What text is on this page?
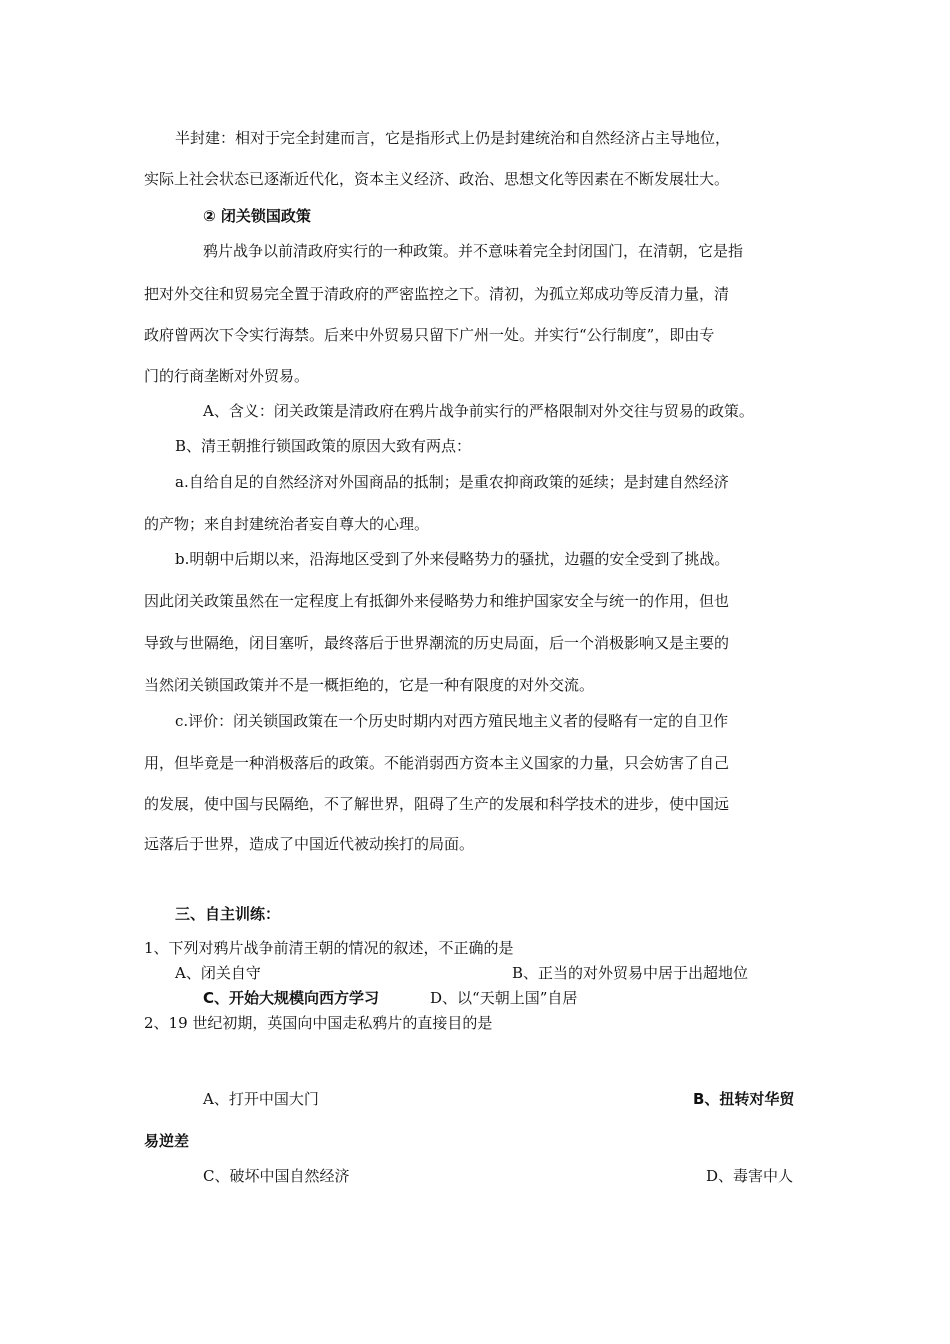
半封建：相对于完全封建而言，它是指形式上仍是封建统治和自然经济占主导地位，
实际上社会状态已逐渐近代化，资本主义经济、政治、思想文化等因素在不断发展壮大。
② 闭关锁国政策
鸦片战争以前清政府实行的一种政策。并不意味着完全封闭国门，在清朝，它是指
把对外交往和贸易完全置于清政府的严密监控之下。清初，为孤立郑成功等反清力量，清
政府曾两次下令实行海禁。后来中外贸易只留下广州一处。并实行“公行制度”，即由专
门的行商垄断对外贸易。
A、含义：闭关政策是清政府在鸦片战争前实行的严格限制对外交往与贸易的政策。
B、清王朝推行锁国政策的原因大致有两点：
a.自给自足的自然经济对外国商品的抵制；是重农抑商政策的延续；是封建自然经济
的产物；来自封建统治者妄自尊大的心理。
b.明朝中后期以来，沿海地区受到了外来侵略势力的骚扰，边疆的安全受到了挑战。
因此闭关政策虽然在一定程度上有抵御外来侵略势力和维护国家安全与统一的作用，但也
导致与世隔绝，闭目塞听，最终落后于世界潮流的历史局面，后一个消极影响又是主要的
当然闭关锁国政策并不是一概拒绝的，它是一种有限度的对外交流。
c.评价：闭关锁国政策在一个历史时期内对西方殖民地主义者的侵略有一定的自卫作
用，但毕竟是一种消极落后的政策。不能消弱西方资本主义国家的力量，只会妨害了自己
的发展，使中国与民隔绝，不了解世界，阻碍了生产的发展和科学技术的进步，使中国远
远落后于世界，造成了中国近代被动挨打的局面。
三、自主训练：
1、下列对鸦片战争前清王朝的情况的叙述，不正确的是
A、闭关自守	B、正当的对外贸易中居于出超地位
C、开始大规模向西方学习	D、以“天朝上国”自居
2、19 世纪初期，英国向中国走私鸦片的直接目的是
A、打开中国大门	B、扭转对华贸
易逆差
C、破坏中国自然经济	D、毒害中人
